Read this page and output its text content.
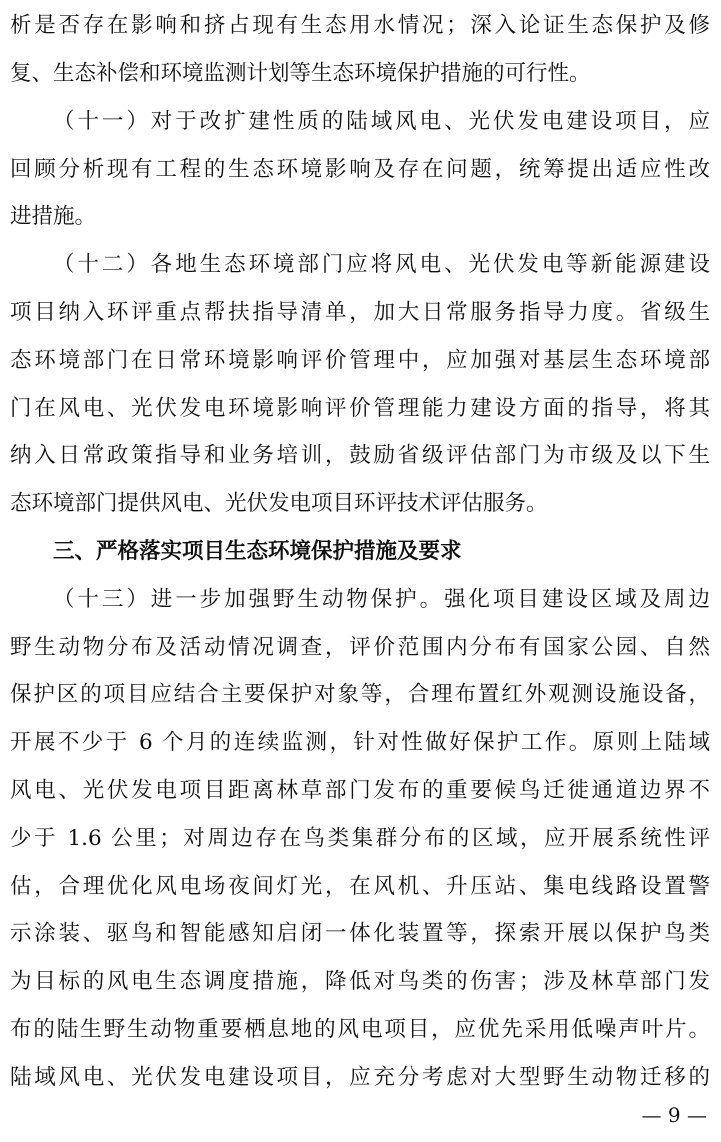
析是否存在影响和挤占现有生态用水情况；深入论证生态保护及修
复、生态补偿和环境监测计划等生态环境保护措施的可行性。
（十一）对于改扩建性质的陆域风电、光伏发电建设项目，应
回顾分析现有工程的生态环境影响及存在问题，统筹提出适应性改
进措施。
（十二）各地生态环境部门应将风电、光伏发电等新能源建设
项目纳入环评重点帮扶指导清单，加大日常服务指导力度。省级生
态环境部门在日常环境影响评价管理中，应加强对基层生态环境部
门在风电、光伏发电环境影响评价管理能力建设方面的指导，将其
纳入日常政策指导和业务培训，鼓励省级评估部门为市级及以下生
态环境部门提供风电、光伏发电项目环评技术评估服务。
三、严格落实项目生态环境保护措施及要求
（十三）进一步加强野生动物保护。强化项目建设区域及周边
野生动物分布及活动情况调查，评价范围内分布有国家公园、自然
保护区的项目应结合主要保护对象等，合理布置红外观测设施设备，
开展不少于 6 个月的连续监测，针对性做好保护工作。原则上陆域
风电、光伏发电项目距离林草部门发布的重要候鸟迁徙通道边界不
少于 1.6 公里；对周边存在鸟类集群分布的区域，应开展系统性评
估，合理优化风电场夜间灯光，在风机、升压站、集电线路设置警
示涂装、驱鸟和智能感知启闭一体化装置等，探索开展以保护鸟类
为目标的风电生态调度措施，降低对鸟类的伤害；涉及林草部门发
布的陆生野生动物重要栖息地的风电项目，应优先采用低噪声叶片。
陆域风电、光伏发电建设项目，应充分考虑对大型野生动物迁移的
— 9 —
